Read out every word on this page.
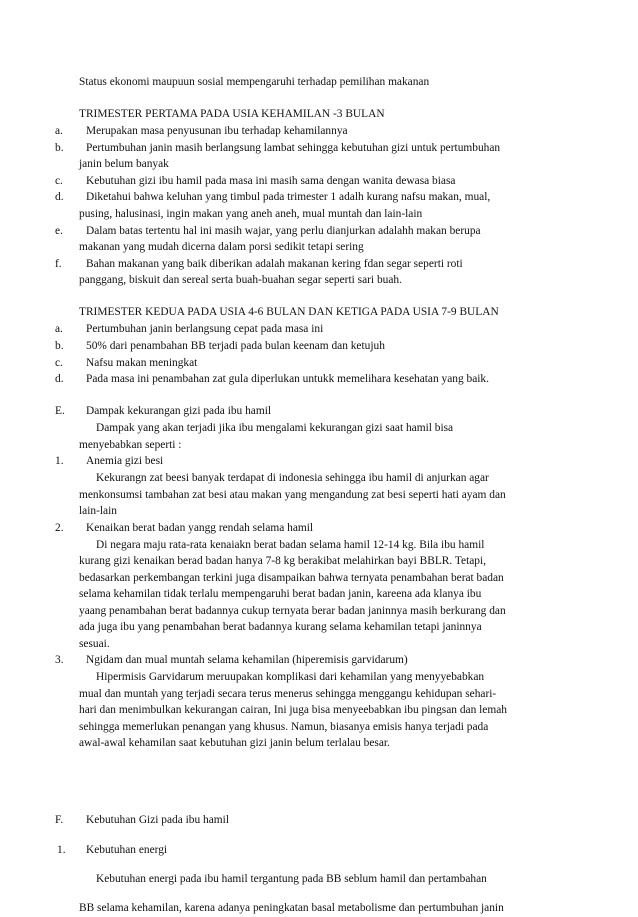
Status ekonomi maupuun sosial mempengaruhi terhadap pemilihan makanan
TRIMESTER PERTAMA PADA USIA KEHAMILAN -3 BULAN
a. Merupakan masa penyusunan ibu terhadap kehamilannya
b. Pertumbuhan janin masih berlangsung lambat sehingga kebutuhan gizi untuk pertumbuhan
janin belum banyak
c. Kebutuhan gizi ibu hamil pada masa ini masih sama dengan wanita dewasa biasa
d. Diketahui bahwa keluhan yang timbul pada trimester 1 adalh kurang nafsu makan, mual,
pusing, halusinasi, ingin makan yang aneh aneh, mual muntah dan lain-lain
e. Dalam batas tertentu hal ini masih wajar, yang perlu dianjurkan adalahh makan berupa
makanan yang mudah dicerna dalam porsi sedikit tetapi sering
f. Bahan makanan yang baik diberikan adalah makanan kering fdan segar seperti roti
panggang, biskuit dan sereal serta buah-buahan segar seperti sari buah.
TRIMESTER KEDUA PADA USIA 4-6 BULAN DAN KETIGA PADA USIA 7-9 BULAN
a. Pertumbuhan janin berlangsung cepat pada masa ini
b. 50% dari penambahan BB terjadi pada bulan keenam dan ketujuh
c. Nafsu makan meningkat
d. Pada masa ini penambahan zat gula diperlukan untukk memelihara kesehatan yang baik.
E. Dampak kekurangan gizi pada ibu hamil
Dampak yang akan terjadi jika ibu mengalami kekurangan gizi saat hamil bisa
menyebabkan seperti :
1. Anemia gizi besi
Kekurangn zat beesi banyak terdapat di indonesia sehingga ibu hamil di anjurkan agar
menkonsumsi tambahan zat besi atau makan yang mengandung zat besi seperti hati ayam dan
lain-lain
2. Kenaikan berat badan yangg rendah selama hamil
Di negara maju rata-rata kenaiakn berat badan selama hamil 12-14 kg. Bila ibu hamil
kurang gizi kenaikan berad badan hanya 7-8 kg berakibat melahirkan bayi BBLR. Tetapi,
bedasarkan perkembangan terkini juga disampaikan bahwa ternyata penambahan berat badan
selama kehamilan tidak terlalu mempengaruhi berat badan janin, kareena ada klanya ibu
yaang penambahan berat badannya cukup ternyata berar badan janinnya masih berkurang dan
ada juga ibu yang penambahan berat badannya kurang selama kehamilan tetapi janinnya
sesuai.
3. Ngidam dan mual muntah selama kehamilan (hiperemisis garvidarum)
Hipermisis Garvidarum meruupakan komplikasi dari kehamilan yang menyyebabkan
mual dan muntah yang terjadi secara terus menerus sehingga menggangu kehidupan sehari-
hari dan menimbulkan kekurangan cairan, Ini juga bisa menyeebabkan ibu pingsan dan lemah
sehingga memerlukan penangan yang khusus. Namun, biasanya emisis hanya terjadi pada
awal-awal kehamilan saat kebutuhan gizi janin belum terlalau besar.
F. Kebutuhan Gizi pada ibu hamil
1. Kebutuhan energi
Kebutuhan energi pada ibu hamil tergantung pada BB seblum hamil dan pertambahan
BB selama kehamilan, karena adanya peningkatan basal metabolisme dan pertumbuhan janin
